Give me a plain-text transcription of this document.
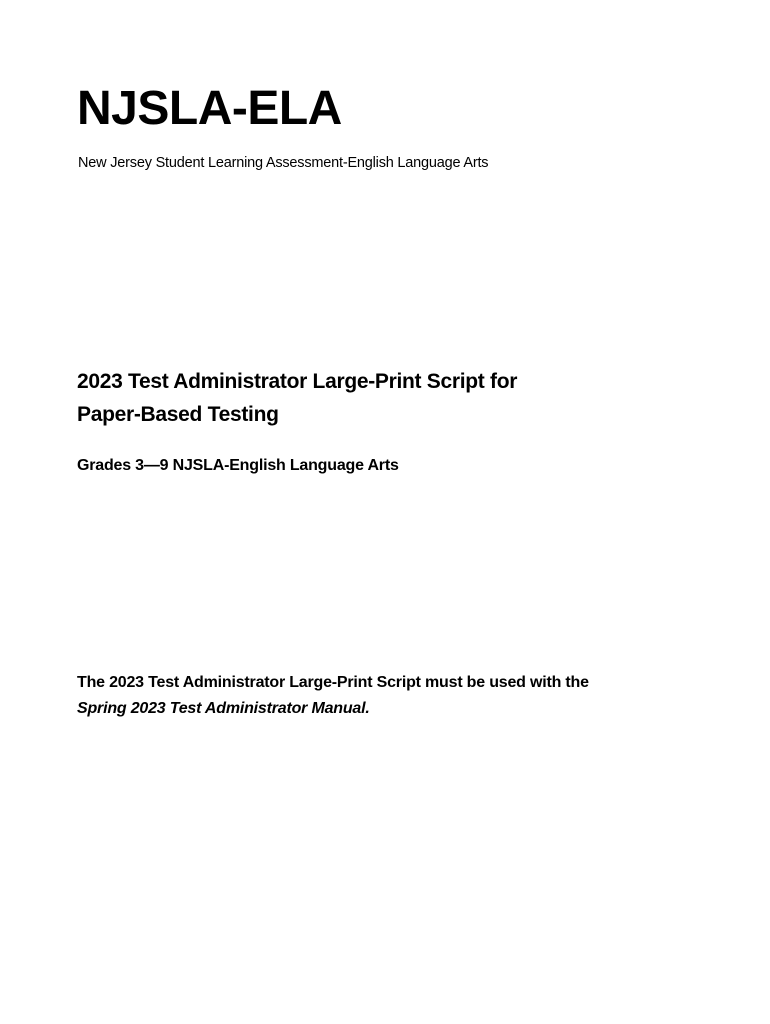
NJSLA-ELA

New Jersey Student Learning Assessment-English Language Arts

2023 Test Administrator Large-Print Script for
Paper-Based Testing

Grades 3—9 NJSLA-English Language Arts

The 2023 Test Administrator Large-Print Script must be used with the
Spring 2023 Test Administrator Manual.
